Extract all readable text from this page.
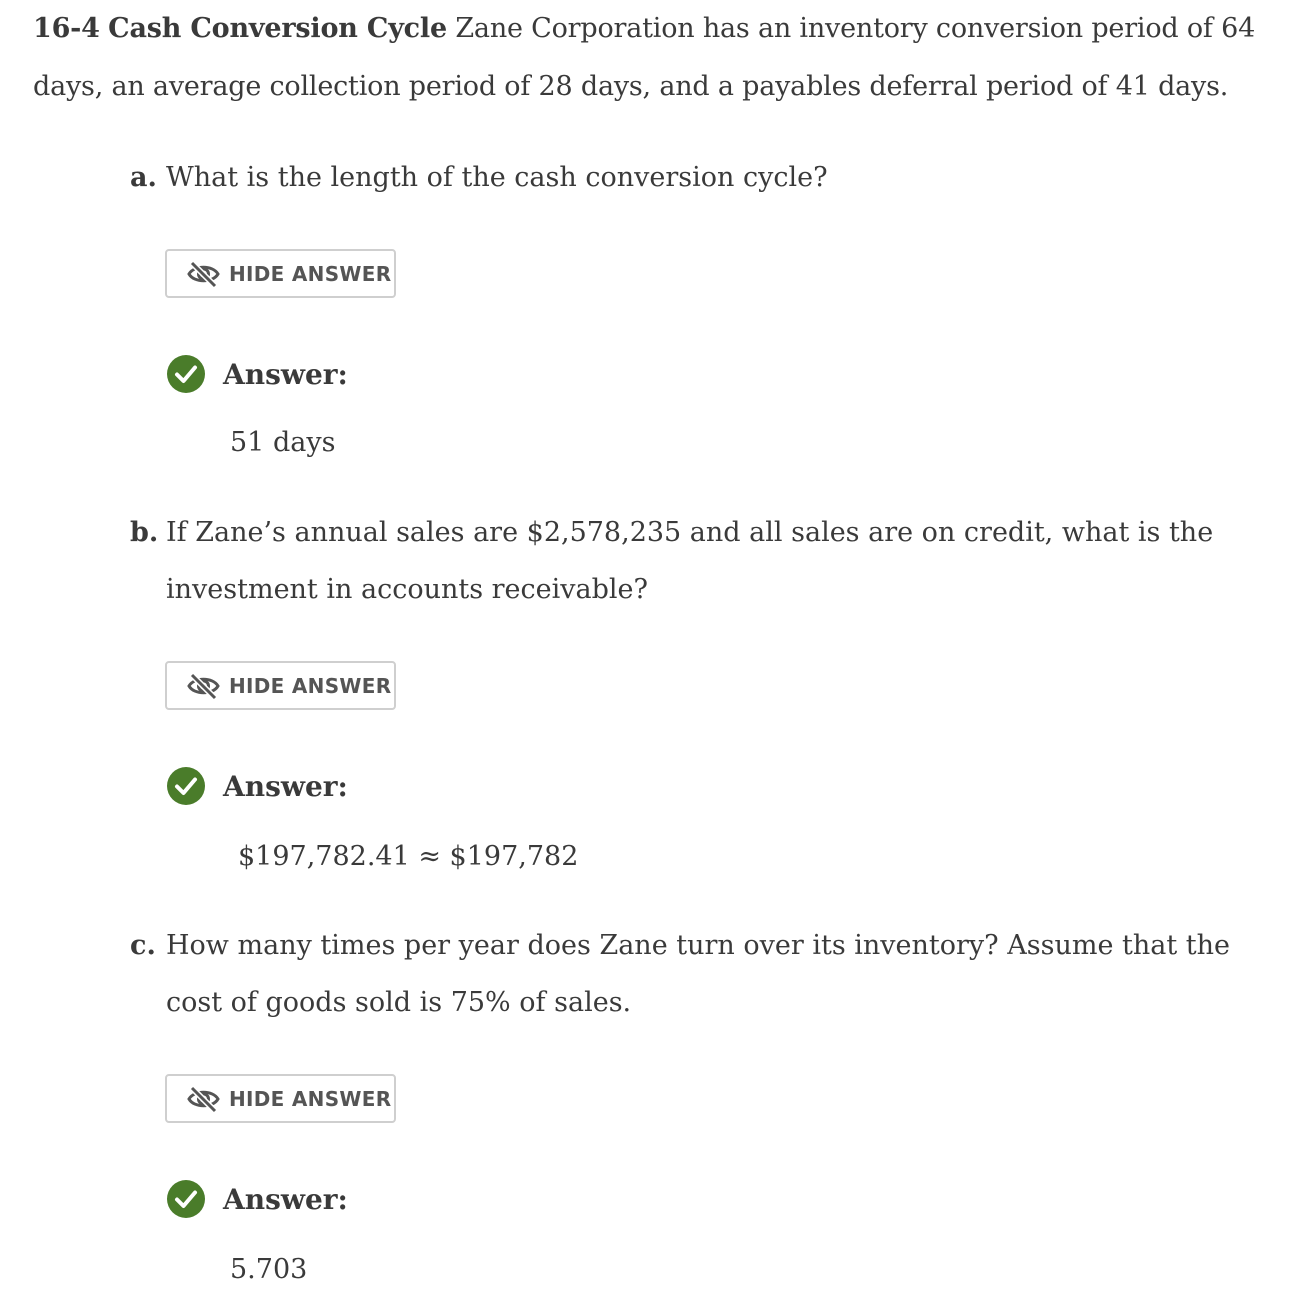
16-4 Cash Conversion Cycle Zane Corporation has an inventory conversion period of 64 days, an average collection period of 28 days, and a payables deferral period of 41 days.
a. What is the length of the cash conversion cycle?
HIDE ANSWER
Answer:
51 days
b. If Zane’s annual sales are $2,578,235 and all sales are on credit, what is the investment in accounts receivable?
HIDE ANSWER
Answer:
$197,782.41 ≈ $197,782
c. How many times per year does Zane turn over its inventory? Assume that the cost of goods sold is 75% of sales.
HIDE ANSWER
Answer:
5.703
